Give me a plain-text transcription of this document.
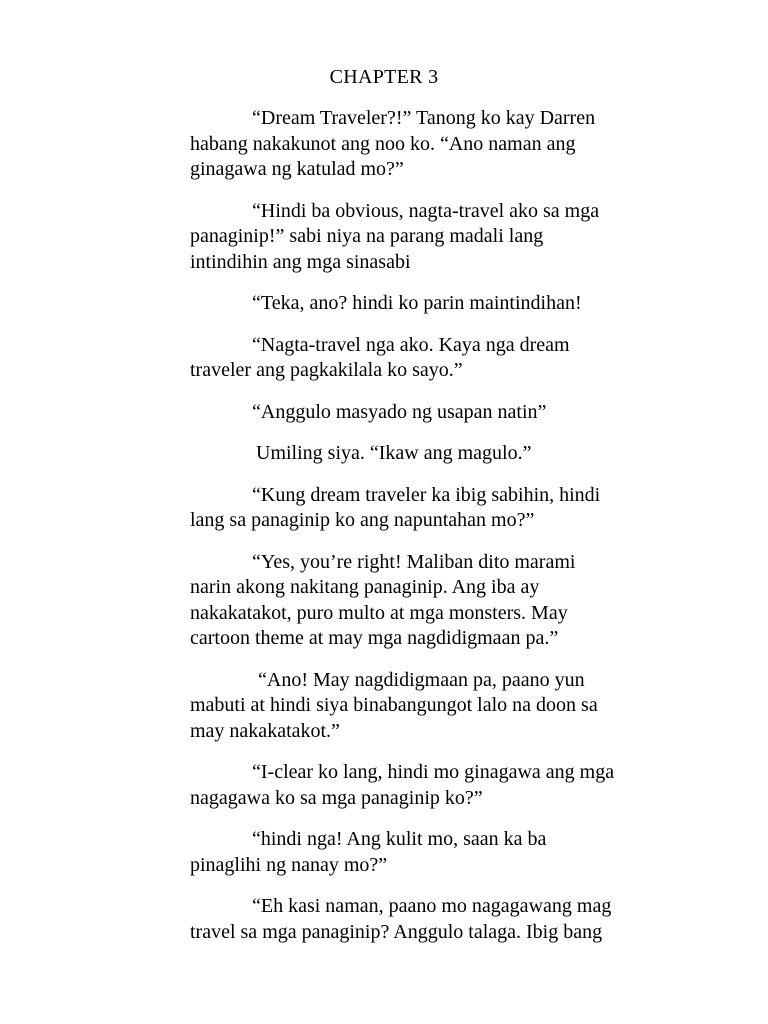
CHAPTER 3

“Dream Traveler?!” Tanong ko kay Darren
habang nakakunot ang noo ko. “Ano naman ang
ginagawa ng katulad mo?”

“Hindi ba obvious, nagta-travel ako sa mga
panaginip!” sabi niya na parang madali lang
intindihin ang mga sinasabi

“Teka, ano? hindi ko parin maintindihan!

“Nagta-travel nga ako. Kaya nga dream
traveler ang pagkakilala ko sayo.”

“Anggulo masyado ng usapan natin”

Umiling siya. “Ikaw ang magulo.”

“Kung dream traveler ka ibig sabihin, hindi
lang sa panaginip ko ang napuntahan mo?”

“Yes, you’re right! Maliban dito marami
narin akong nakitang panaginip. Ang iba ay
nakakatakot, puro multo at mga monsters. May
cartoon theme at may mga nagdidigmaan pa.”

“Ano! May nagdidigmaan pa, paano yun
mabuti at hindi siya binabangungot lalo na doon sa
may nakakatakot.”

“I-clear ko lang, hindi mo ginagawa ang mga
nagagawa ko sa mga panaginip ko?”

“hindi nga! Ang kulit mo, saan ka ba
pinaglihi ng nanay mo?”

“Eh kasi naman, paano mo nagagawang mag
travel sa mga panaginip? Anggulo talaga. Ibig bang
